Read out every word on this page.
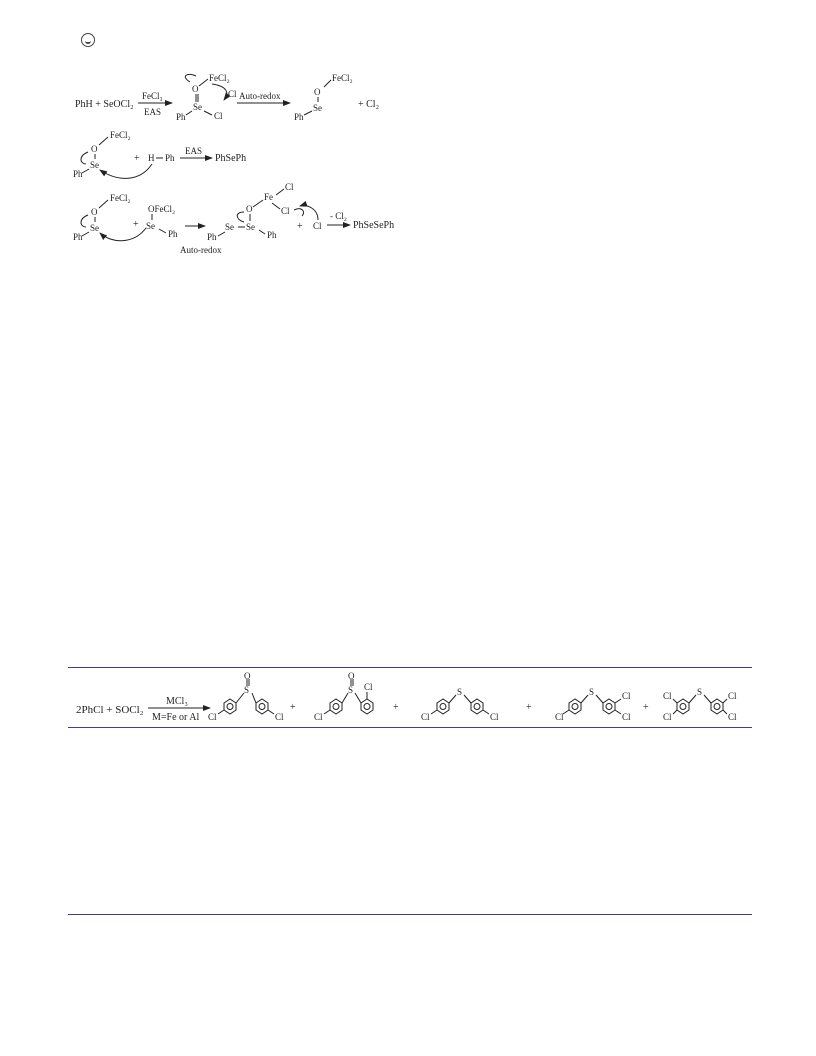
PhH + SeOCl₂
FeCl₃
EAS
FeCl₂
O	Cl
Se
Ph	Cl
Auto-redox
FeCl₂
O
Se
Ph
+ Cl₂
FeCl₂
O
Se
Ph
+ H Ph
EAS
PhSePh
FeCl₂
O
Se
Ph
+
OFeCl₂
Se
Ph
Auto-redox
Ph
Se Se
Ph
O
Fe
Cl
Cl
+ Cl
- Cl₂
PhSeSePh
2PhCl + SOCl₂
MCl₃
M=Fe or Al
O
S
Cl	Cl
+
O
S
Cl
Cl
+
S
Cl	Cl
+
S
Cl
Cl
Cl
+
S
Cl
Cl
Cl
Cl
